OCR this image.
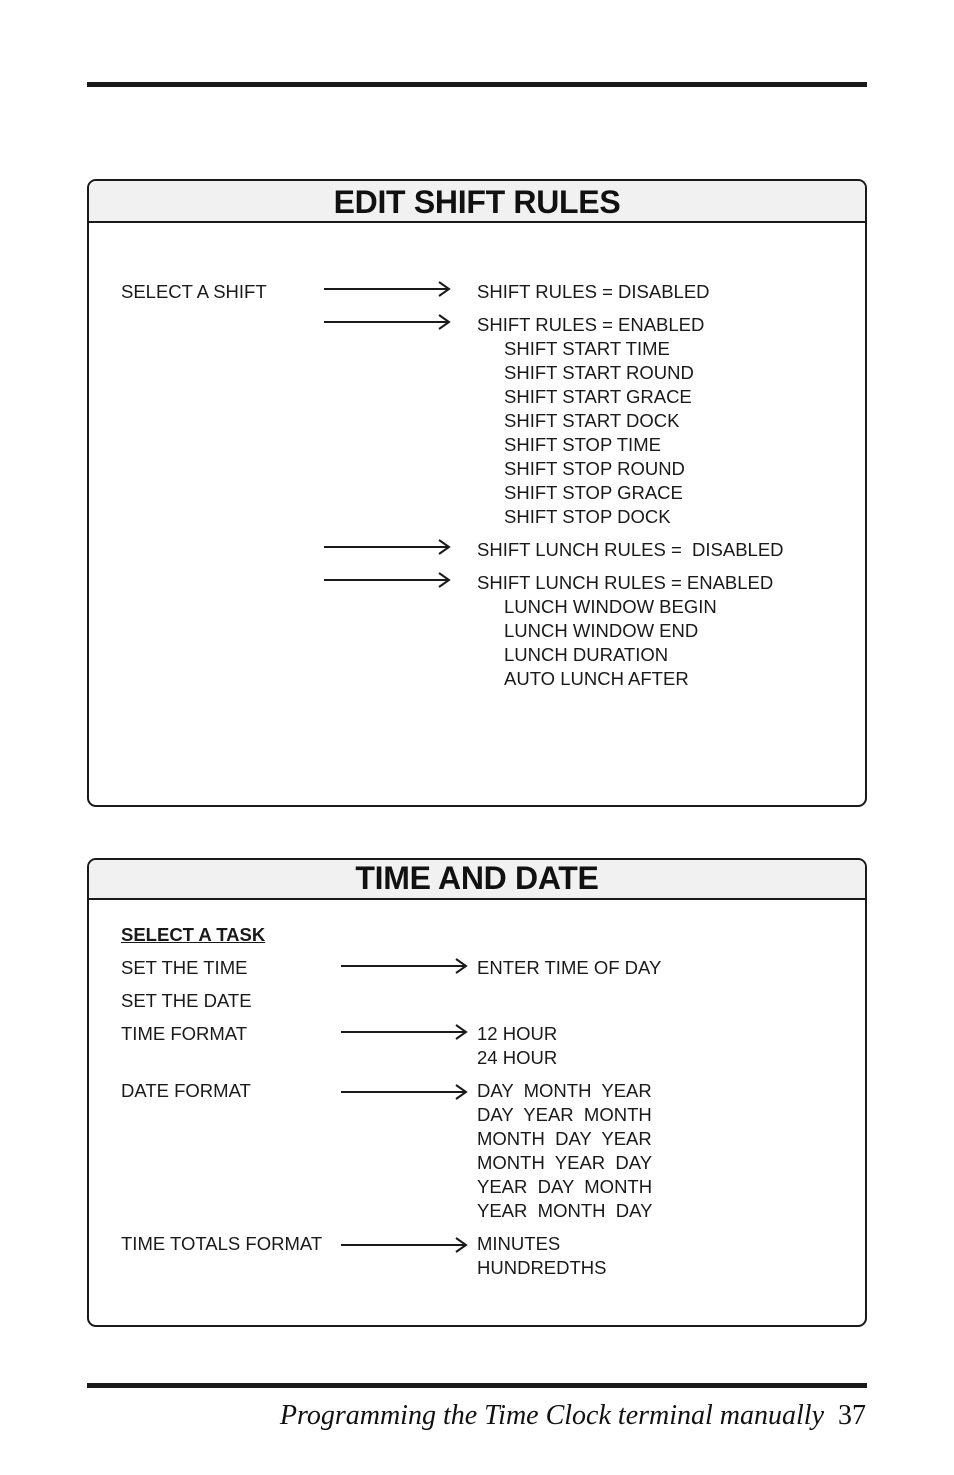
EDIT SHIFT RULES
SELECT A SHIFT	SHIFT RULES = DISABLED
SHIFT RULES = ENABLED
SHIFT START TIME
SHIFT START ROUND
SHIFT START GRACE
SHIFT START DOCK
SHIFT STOP TIME
SHIFT STOP ROUND
SHIFT STOP GRACE
SHIFT STOP DOCK
SHIFT LUNCH RULES =  DISABLED
SHIFT LUNCH RULES = ENABLED
LUNCH WINDOW BEGIN
LUNCH WINDOW END
LUNCH DURATION
AUTO LUNCH AFTER
TIME AND DATE
SELECT A TASK
SET THE TIME	ENTER TIME OF DAY
SET THE DATE
TIME FORMAT	12 HOUR
24 HOUR
DATE FORMAT	DAY  MONTH  YEAR
DAY  YEAR  MONTH
MONTH  DAY  YEAR
MONTH  YEAR  DAY
YEAR  DAY  MONTH
YEAR  MONTH  DAY
TIME TOTALS FORMAT	MINUTES
HUNDREDTHS
Programming the Time Clock terminal manually 37
